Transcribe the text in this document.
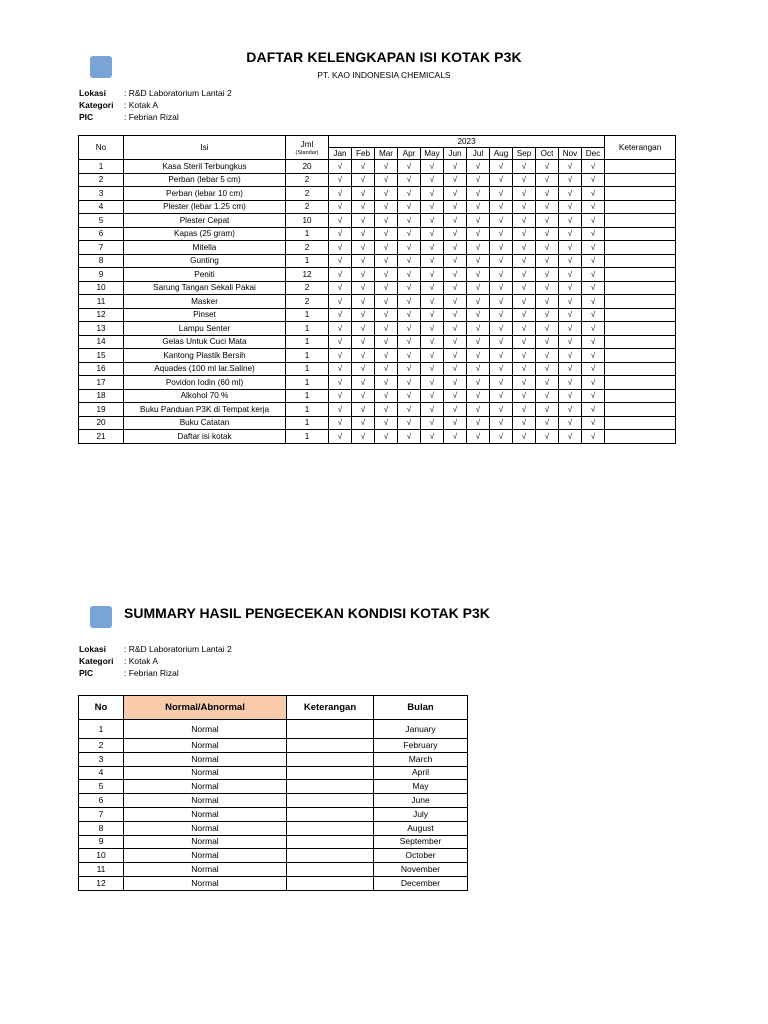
DAFTAR KELENGKAPAN ISI KOTAK P3K
PT. KAO INDONESIA CHEMICALS
Lokasi	: R&D Laboratorium Lantai 2
Kategori	: Kotak A
PIC	: Febrian Rizal
No	Isi	Jml
(Standar)	2023												Keterangan
			Jan	Feb	Mar	Apr	May	Jun	Jul	Aug	Sep	Oct	Nov	Dec	
1	Kasa Steril Terbungkus	20	√	√	√	√	√	√	√	√	√	√	√	√	
2	Perban (lebar 5 cm)	2	√	√	√	√	√	√	√	√	√	√	√	√	
3	Perban (lebar 10 cm)	2	√	√	√	√	√	√	√	√	√	√	√	√	
4	Plester (lebar 1.25 cm)	2	√	√	√	√	√	√	√	√	√	√	√	√	
5	Plester Cepat	10	√	√	√	√	√	√	√	√	√	√	√	√	
6	Kapas (25 gram)	1	√	√	√	√	√	√	√	√	√	√	√	√	
7	Mitella	2	√	√	√	√	√	√	√	√	√	√	√	√	
8	Gunting	1	√	√	√	√	√	√	√	√	√	√	√	√	
9	Peniti	12	√	√	√	√	√	√	√	√	√	√	√	√	
10	Sarung Tangan Sekali Pakai	2	√	√	√	√	√	√	√	√	√	√	√	√	
11	Masker	2	√	√	√	√	√	√	√	√	√	√	√	√	
12	Pinset	1	√	√	√	√	√	√	√	√	√	√	√	√	
13	Lampu Senter	1	√	√	√	√	√	√	√	√	√	√	√	√	
14	Gelas Untuk Cuci Mata	1	√	√	√	√	√	√	√	√	√	√	√	√	
15	Kantong Plastik Bersih	1	√	√	√	√	√	√	√	√	√	√	√	√	
16	Aquades (100 ml lar.Saline)	1	√	√	√	√	√	√	√	√	√	√	√	√	
17	Povidon Iodin (60 ml)	1	√	√	√	√	√	√	√	√	√	√	√	√	
18	Alkohol 70 %	1	√	√	√	√	√	√	√	√	√	√	√	√	
19	Buku Panduan P3K di Tempat kerja	1	√	√	√	√	√	√	√	√	√	√	√	√	
20	Buku Catatan	1	√	√	√	√	√	√	√	√	√	√	√	√	
21	Daftar isi kotak	1	√	√	√	√	√	√	√	√	√	√	√	√	
SUMMARY HASIL PENGECEKAN KONDISI KOTAK P3K
Lokasi	: R&D Laboratorium Lantai 2
Kategori	: Kotak A
PIC	: Febrian Rizal
No	Normal/Abnormal	Keterangan	Bulan
1	Normal		January
2	Normal		February
3	Normal		March
4	Normal		April
5	Normal		May
6	Normal		June
7	Normal		July
8	Normal		August
9	Normal		September
10	Normal		October
11	Normal		November
12	Normal		December
